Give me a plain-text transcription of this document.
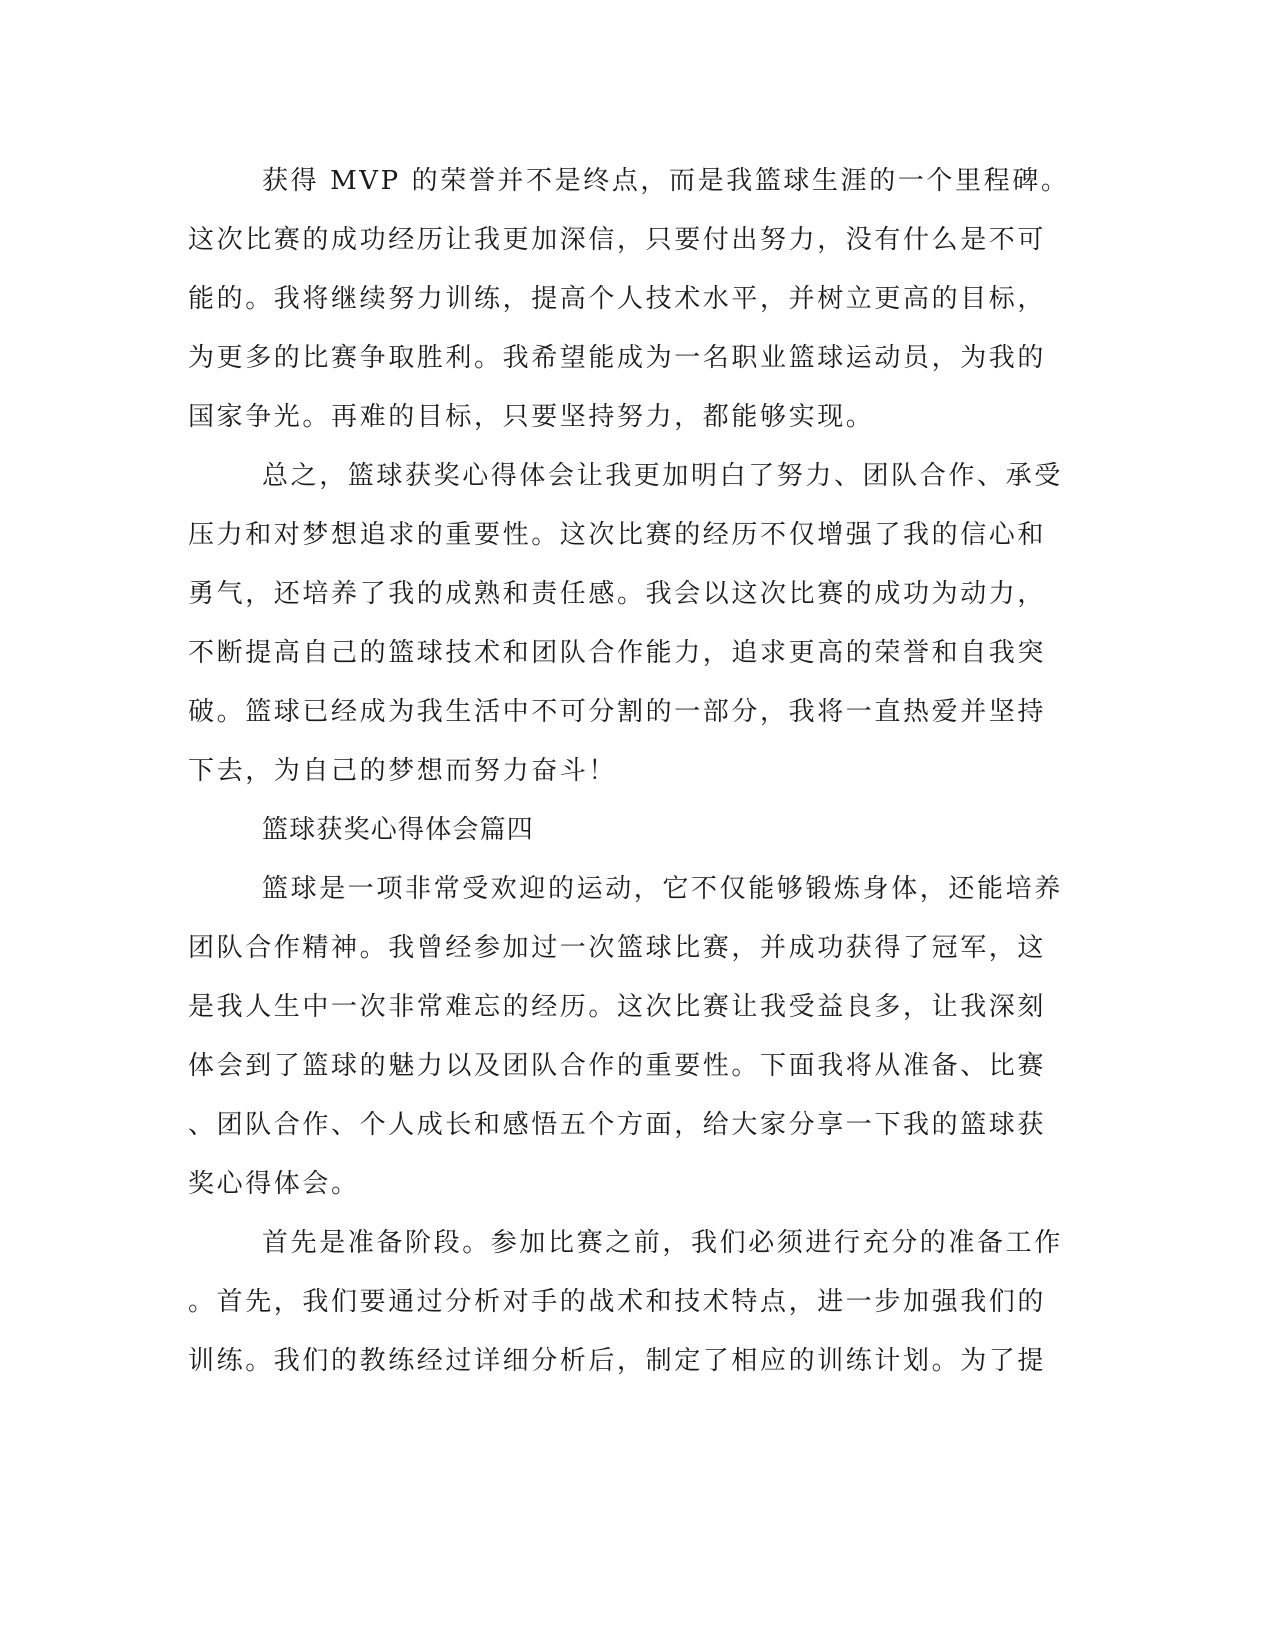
获得 MVP 的荣誉并不是终点，而是我篮球生涯的一个里程碑。
这次比赛的成功经历让我更加深信，只要付出努力，没有什么是不可
能的。我将继续努力训练，提高个人技术水平，并树立更高的目标，
为更多的比赛争取胜利。我希望能成为一名职业篮球运动员，为我的
国家争光。再难的目标，只要坚持努力，都能够实现。
总之，篮球获奖心得体会让我更加明白了努力、团队合作、承受
压力和对梦想追求的重要性。这次比赛的经历不仅增强了我的信心和
勇气，还培养了我的成熟和责任感。我会以这次比赛的成功为动力，
不断提高自己的篮球技术和团队合作能力，追求更高的荣誉和自我突
破。篮球已经成为我生活中不可分割的一部分，我将一直热爱并坚持
下去，为自己的梦想而努力奋斗！
篮球获奖心得体会篇四
篮球是一项非常受欢迎的运动，它不仅能够锻炼身体，还能培养
团队合作精神。我曾经参加过一次篮球比赛，并成功获得了冠军，这
是我人生中一次非常难忘的经历。这次比赛让我受益良多，让我深刻
体会到了篮球的魅力以及团队合作的重要性。下面我将从准备、比赛
、团队合作、个人成长和感悟五个方面，给大家分享一下我的篮球获
奖心得体会。
首先是准备阶段。参加比赛之前，我们必须进行充分的准备工作
。首先，我们要通过分析对手的战术和技术特点，进一步加强我们的
训练。我们的教练经过详细分析后，制定了相应的训练计划。为了提
